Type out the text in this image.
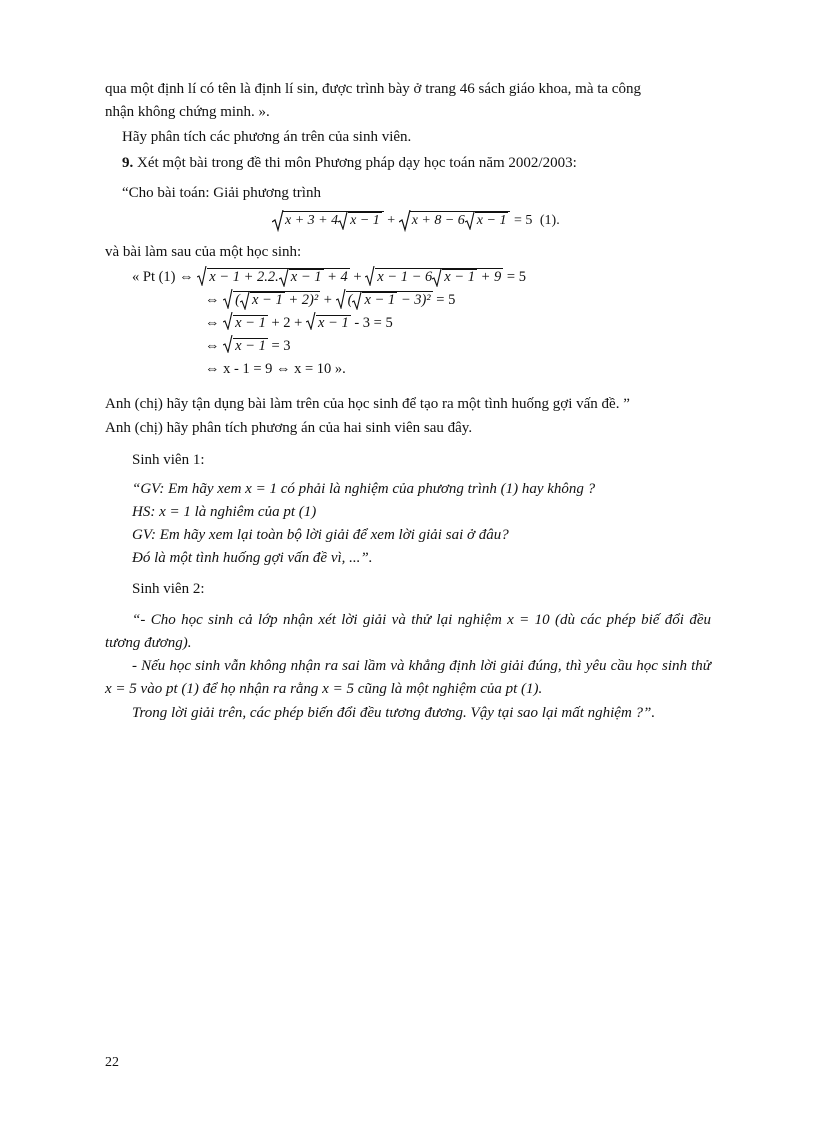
qua một định lí có tên là định lí sin, được trình bày ở trang 46 sách giáo khoa, mà ta công

nhận không chứng minh. ».

Hãy phân tích các phương án trên của sinh viên.

9. Xét một bài trong đề thi môn Phương pháp dạy học toán năm 2002/2003:

“Cho bài toán: Giải phương trình

x + 3 + 4 x − 1 + x + 8 − 6 x − 1 = 5 (1).

và bài làm sau của một học sinh:

« Pt (1) ⇔ x − 1 + 2.2. x − 1 + 4 + x − 1 − 6 x − 1 + 9 = 5
⇔ ( x − 1 + 2)² + ( x − 1 − 3)² = 5
⇔ x − 1 + 2 + x − 1 - 3 = 5
⇔ x − 1 = 3
⇔ x - 1 = 9 ⇔ x = 10 ».

Anh (chị) hãy tận dụng bài làm trên của học sinh để tạo ra một tình huống gợi vấn đề. ”

Anh (chị) hãy phân tích phương án của hai sinh viên sau đây.

Sinh viên 1:

“GV: Em hãy xem x = 1 có phải là nghiệm của phương trình (1) hay không ?

HS: x = 1 là nghiêm của pt (1)

GV: Em hãy xem lại toàn bộ lời giải để xem lời giải sai ở đâu?

Đó là một tình huống gợi vấn đề vì, ...”.

Sinh viên 2:

“- Cho học sinh cả lớp nhận xét lời giải và thử lại nghiệm x = 10 (dù các phép biế đổi đều tương đương).

- Nếu học sinh vẫn không nhận ra sai lầm và khẳng định lời giải đúng, thì yêu cầu học sinh thử x = 5 vào pt (1) để họ nhận ra rằng x = 5 cũng là một nghiệm của pt (1).

Trong lời giải trên, các phép biến đổi đều tương đương. Vậy tại sao lại mất nghiệm ?”.

22
